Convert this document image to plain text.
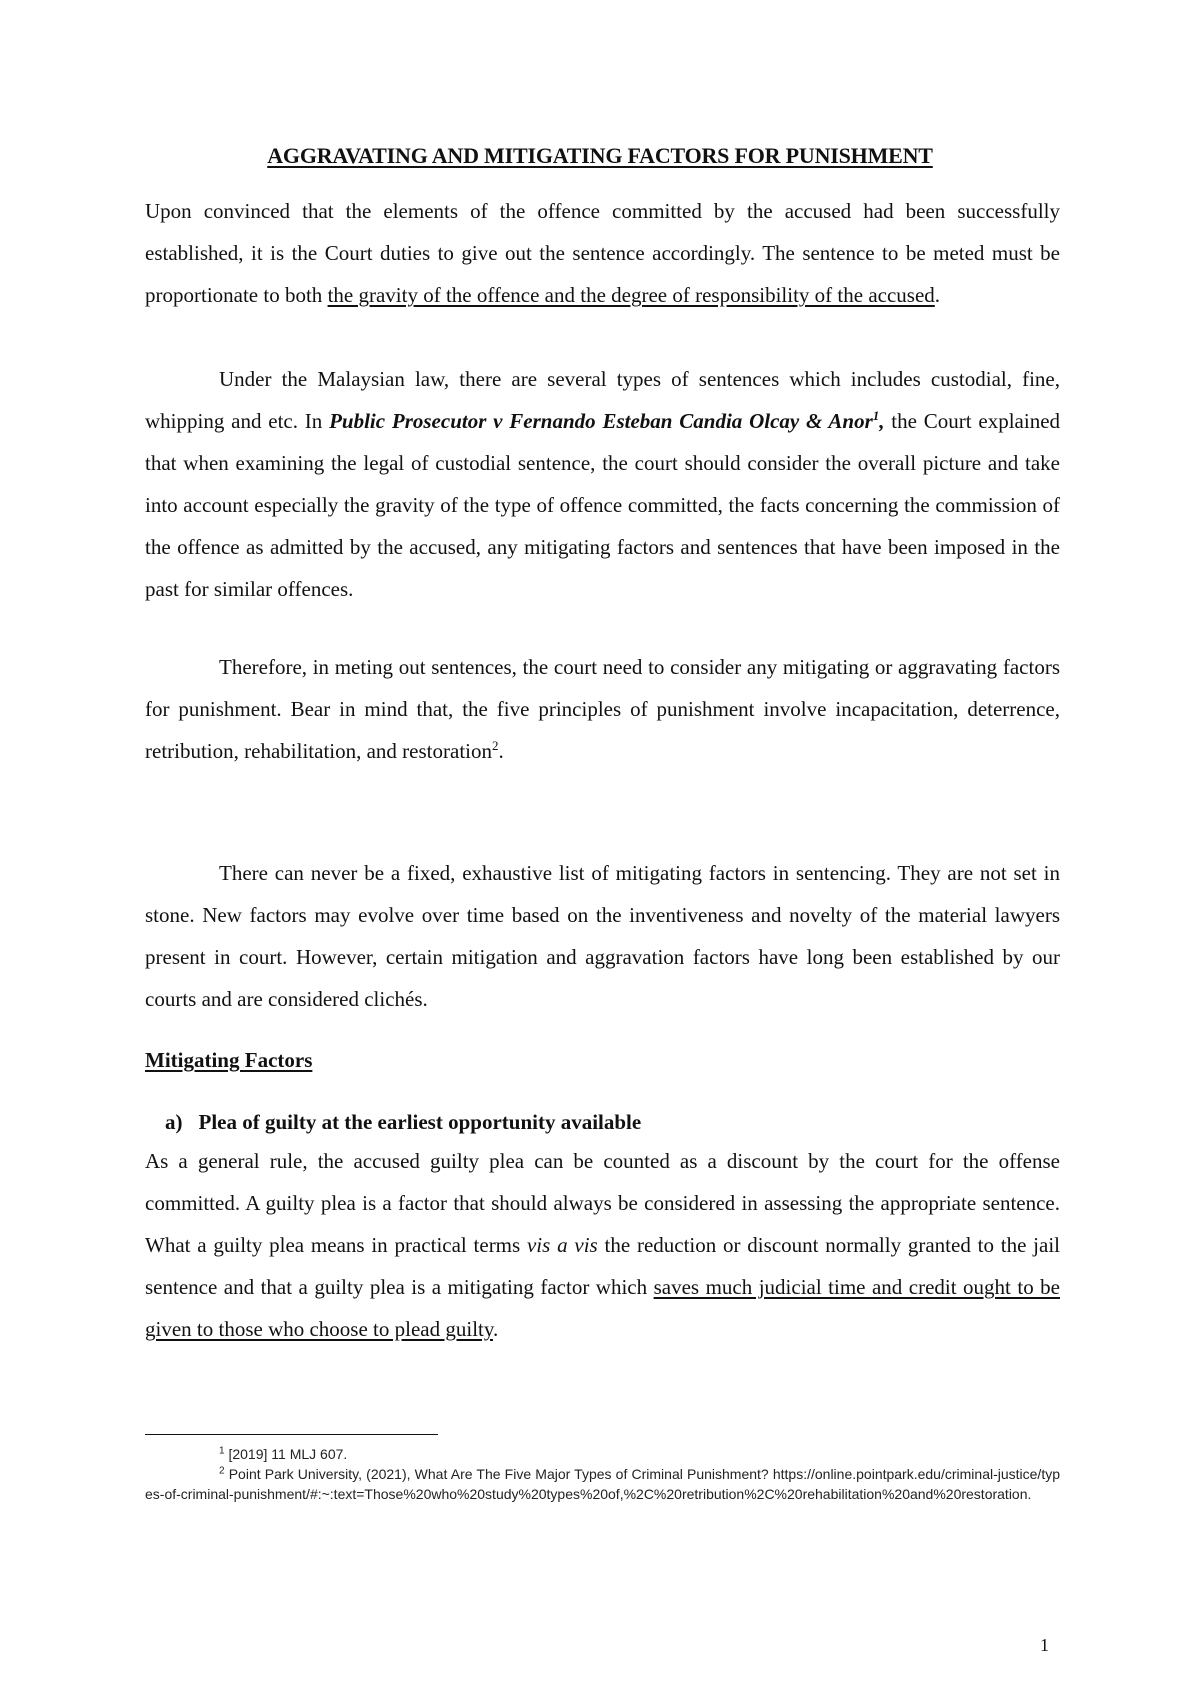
AGGRAVATING AND MITIGATING FACTORS FOR PUNISHMENT

Upon convinced that the elements of the offence committed by the accused had been successfully established, it is the Court duties to give out the sentence accordingly. The sentence to be meted must be proportionate to both the gravity of the offence and the degree of responsibility of the accused.

Under the Malaysian law, there are several types of sentences which includes custodial, fine, whipping and etc. In Public Prosecutor v Fernando Esteban Candia Olcay & Anor$^1$, the Court explained that when examining the legal of custodial sentence, the court should consider the overall picture and take into account especially the gravity of the type of offence committed, the facts concerning the commission of the offence as admitted by the accused, any mitigating factors and sentences that have been imposed in the past for similar offences.

Therefore, in meting out sentences, the court need to consider any mitigating or aggravating factors for punishment. Bear in mind that, the five principles of punishment involve incapacitation, deterrence, retribution, rehabilitation, and restoration$^2$.

There can never be a fixed, exhaustive list of mitigating factors in sentencing. They are not set in stone. New factors may evolve over time based on the inventiveness and novelty of the material lawyers present in court. However, certain mitigation and aggravation factors have long been established by our courts and are considered clichés.

Mitigating Factors
a) Plea of guilty at the earliest opportunity available

As a general rule, the accused guilty plea can be counted as a discount by the court for the offense committed. A guilty plea is a factor that should always be considered in assessing the appropriate sentence. What a guilty plea means in practical terms vis a vis the reduction or discount normally granted to the jail sentence and that a guilty plea is a mitigating factor which saves much judicial time and credit ought to be given to those who choose to plead guilty.

$^1$ [2019] 11 MLJ 607.

$^2$ Point Park University, (2021), What Are The Five Major Types of Criminal Punishment? https://online.pointpark.edu/criminal-justice/types-of-criminal-punishment/#:~:text=Those%20who%20study%20types%20of,%2C%20retribution%2C%20rehabilitation%20and%20restoration.

1
